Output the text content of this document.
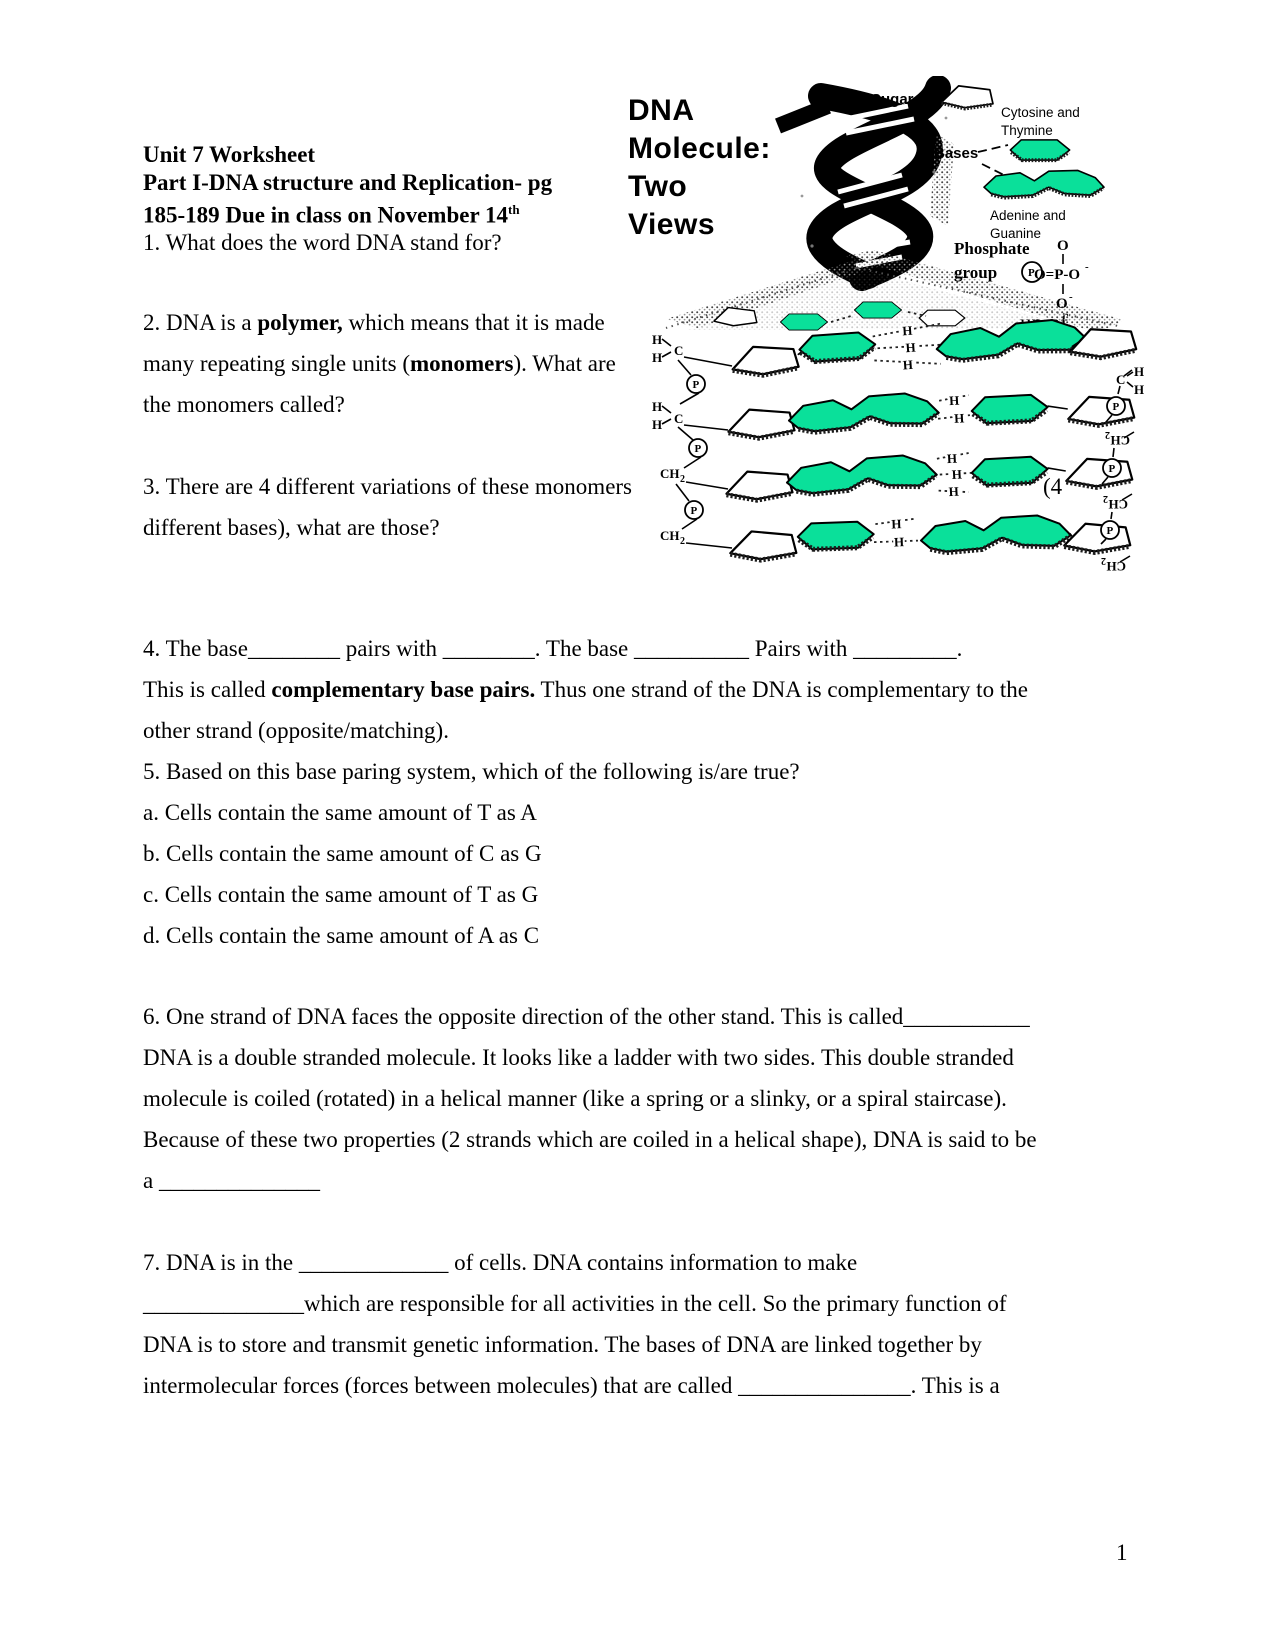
Unit 7 Worksheet
Part I-DNA structure and Replication- pg
185-189 Due in class on November 14th
1. What does the word DNA stand for?
2. DNA is a polymer, which means that it is made
many repeating single units (monomers). What are
the monomers called?
3. There are 4 different variations of these monomers
different bases), what are those?
(4
4. The base________ pairs with ________. The base __________ Pairs with _________.
This is called complementary base pairs. Thus one strand of the DNA is complementary to the
other strand (opposite/matching).
5. Based on this base paring system, which of the following is/are true?
a. Cells contain the same amount of T as A
b. Cells contain the same amount of C as G
c. Cells contain the same amount of T as G
d. Cells contain the same amount of A as C
6. One strand of DNA faces the opposite direction of the other stand. This is called___________
DNA is a double stranded molecule. It looks like a ladder with two sides. This double stranded
molecule is coiled (rotated) in a helical manner (like a spring or a slinky, or a spiral staircase).
Because of these two properties (2 strands which are coiled in a helical shape), DNA is said to be
a ______________
7. DNA is in the _____________ of cells. DNA contains information to make
______________which are responsible for all activities in the cell. So the primary function of
DNA is to store and transmit genetic information. The bases of DNA are linked together by
intermolecular forces (forces between molecules) that are called _______________. This is a
1
DNA
Molecule:
Two
Views
Sugar
Cytosine and
Thymine
Bases
Adenine and
Guanine
Phosphate
group	P
O
O=P-O -
O -
H
H
H
H
H
H
H
H
H
H
H
H C
P
H
H C
P
CH 2
P
CH 2
C
H
H
P
CH
2
P
CH
2
P
CH
2
